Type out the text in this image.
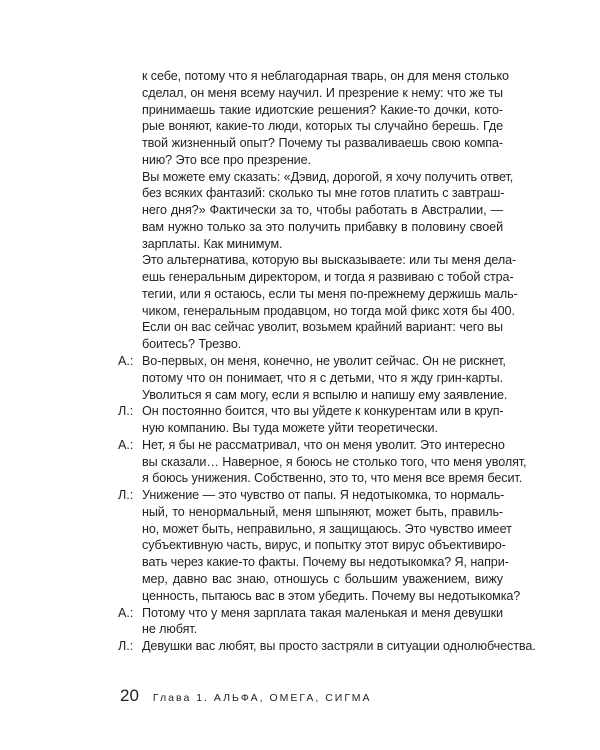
к себе, потому что я неблагодарная тварь, он для меня столько
сделал, он меня всему научил. И презрение к нему: что же ты
принимаешь такие идиотские решения? Какие-то дочки, кото-
рые воняют, какие-то люди, которых ты случайно берешь. Где
твой жизненный опыт? Почему ты разваливаешь свою компа-
нию? Это все про презрение.
Вы можете ему сказать: «Дэвид, дорогой, я хочу получить ответ,
без всяких фантазий: сколько ты мне готов платить с завтраш-
него дня?» Фактически за то, чтобы работать в Австралии, —
вам нужно только за это получить прибавку в половину своей
зарплаты. Как минимум.
Это альтернатива, которую вы высказываете: или ты меня дела-
ешь генеральным директором, и тогда я развиваю с тобой стра-
тегии, или я остаюсь, если ты меня по-прежнему держишь маль-
чиком, генеральным продавцом, но тогда мой фикс хотя бы 400.
Если он вас сейчас уволит, возьмем крайний вариант: чего вы
боитесь? Трезво.
А.: Во-первых, он меня, конечно, не уволит сейчас. Он не рискнет,
потому что он понимает, что я с детьми, что я жду грин-карты.
Уволиться я сам могу, если я вспылю и напишу ему заявление.
Л.: Он постоянно боится, что вы уйдете к конкурентам или в круп-
ную компанию. Вы туда можете уйти теоретически.
А.: Нет, я бы не рассматривал, что он меня уволит. Это интересно
вы сказали… Наверное, я боюсь не столько того, что меня уволят,
я боюсь унижения. Собственно, это то, что меня все время бесит.
Л.: Унижение — это чувство от папы. Я недотыкомка, то нормаль-
ный, то ненормальный, меня шпыняют, может быть, правиль-
но, может быть, неправильно, я защищаюсь. Это чувство имеет
субъективную часть, вирус, и попытку этот вирус объективиро-
вать через какие-то факты. Почему вы недотыкомка? Я, напри-
мер, давно вас знаю, отношусь с большим уважением, вижу
ценность, пытаюсь вас в этом убедить. Почему вы недотыкомка?
А.: Потому что у меня зарплата такая маленькая и меня девушки
не любят.
Л.: Девушки вас любят, вы просто застряли в ситуации однолюбчества.
20 Глава 1. АЛЬФА, ОМЕГА, СИГМА
